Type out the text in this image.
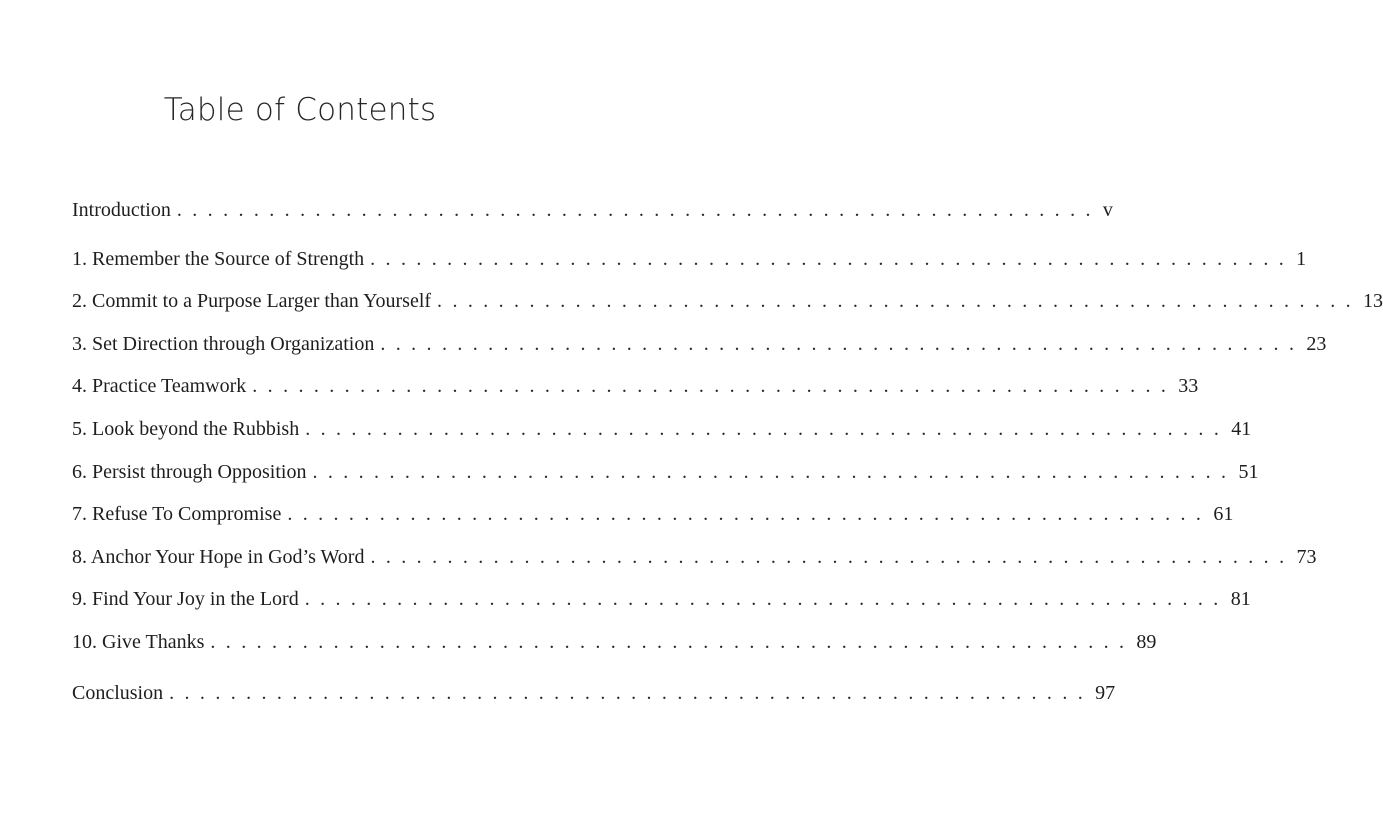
Table of Contents
Introduction ............................................................ v
1. Remember the Source of Strength ............................................................ 1
2. Commit to a Purpose Larger than Yourself ............................................................ 13
3. Set Direction through Organization ............................................................ 23
4. Practice Teamwork ............................................................ 33
5. Look beyond the Rubbish ............................................................ 41
6. Persist through Opposition ............................................................ 51
7. Refuse To Compromise ............................................................ 61
8. Anchor Your Hope in God’s Word ............................................................ 73
9. Find Your Joy in the Lord ............................................................ 81
10. Give Thanks ............................................................ 89
Conclusion ............................................................ 97
